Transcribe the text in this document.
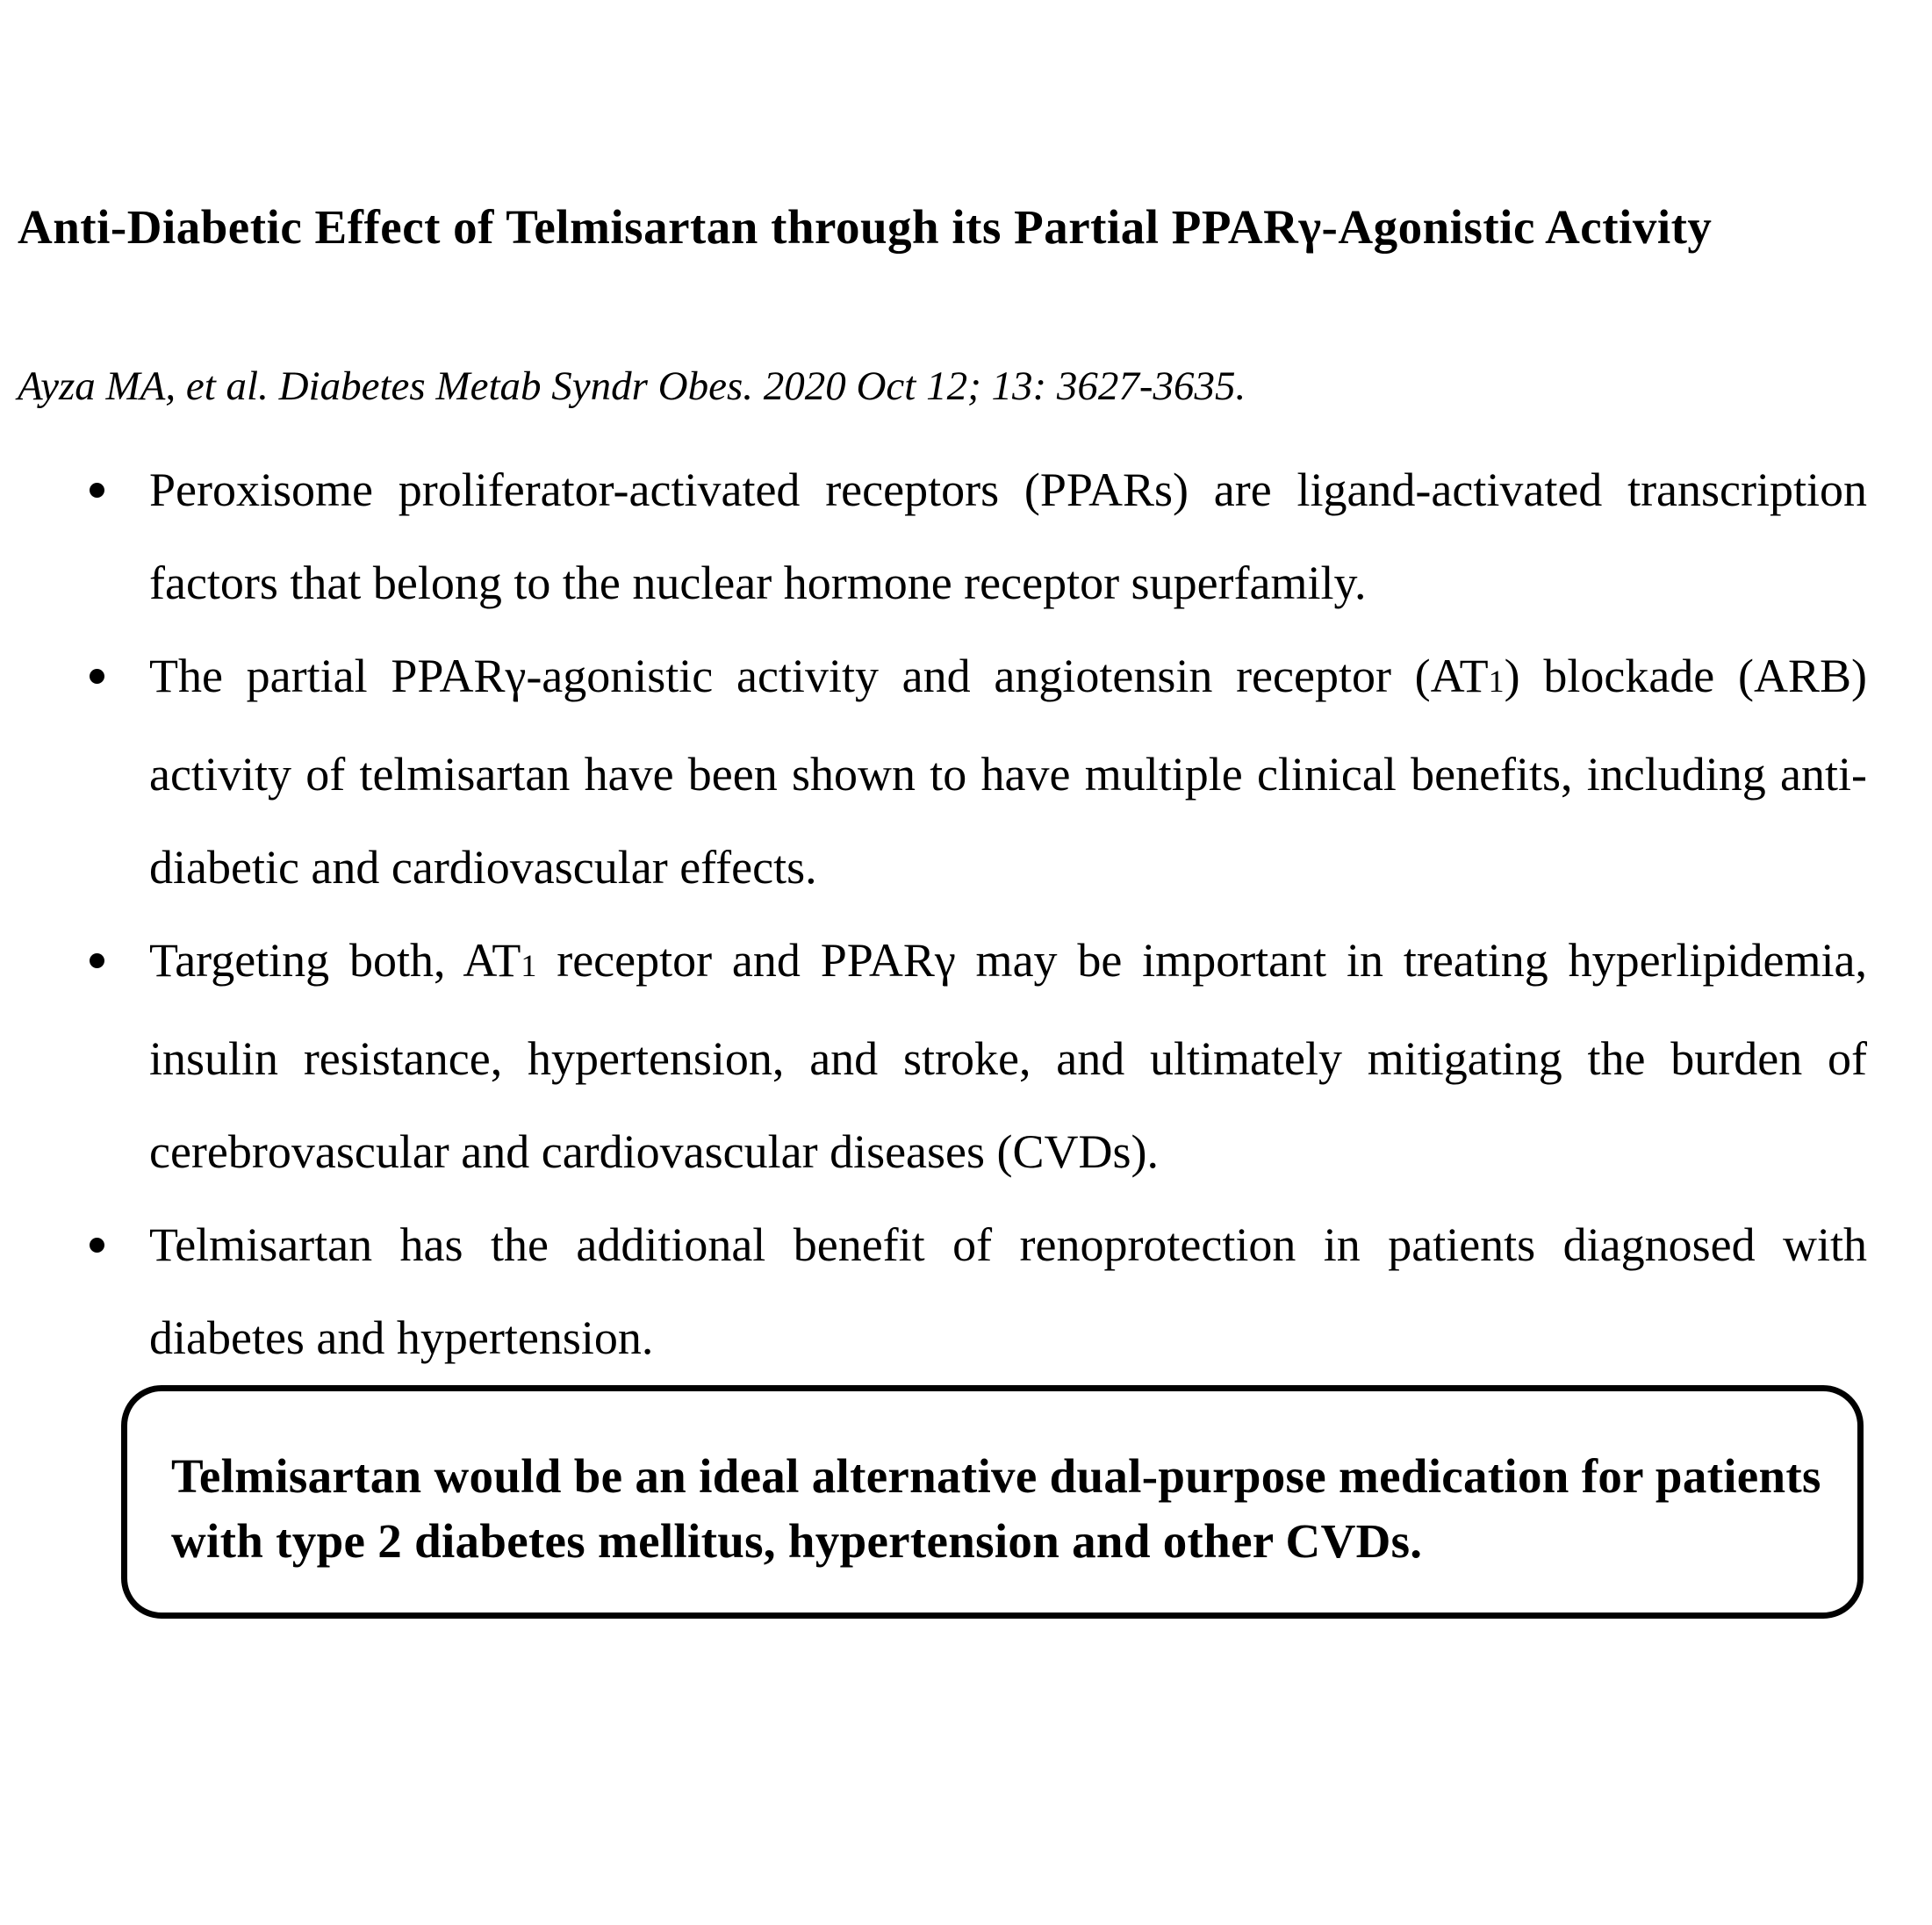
Anti-Diabetic Effect of Telmisartan through its Partial PPARγ-Agonistic Activity
Ayza MA, et al. Diabetes Metab Syndr Obes. 2020 Oct 12; 13: 3627-3635.
Peroxisome proliferator-activated receptors (PPARs) are ligand-activated transcription factors that belong to the nuclear hormone receptor superfamily.
The partial PPARγ-agonistic activity and angiotensin receptor (AT1) blockade (ARB) activity of telmisartan have been shown to have multiple clinical benefits, including anti-diabetic and cardiovascular effects.
Targeting both, AT1 receptor and PPARγ may be important in treating hyperlipidemia, insulin resistance, hypertension, and stroke, and ultimately mitigating the burden of cerebrovascular and cardiovascular diseases (CVDs).
Telmisartan has the additional benefit of renoprotection in patients diagnosed with diabetes and hypertension.
Telmisartan would be an ideal alternative dual-purpose medication for patients with type 2 diabetes mellitus, hypertension and other CVDs.
